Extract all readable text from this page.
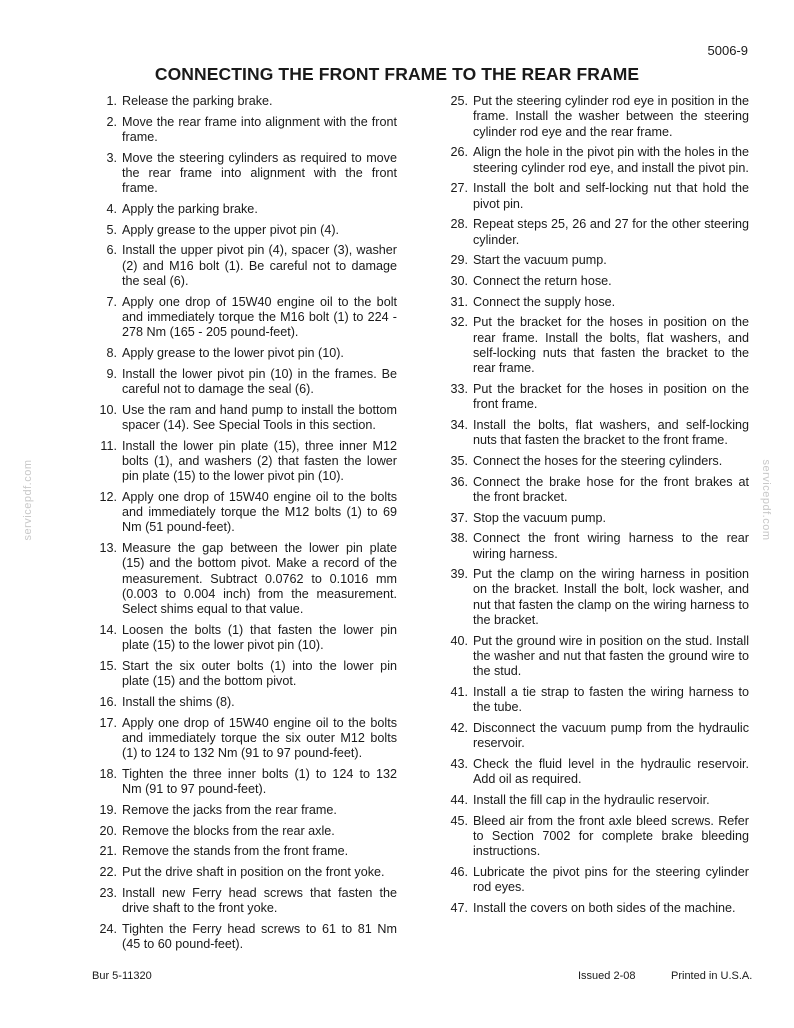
5006-9
CONNECTING THE FRONT FRAME TO THE REAR FRAME
1. Release the parking brake.
2. Move the rear frame into alignment with the front frame.
3. Move the steering cylinders as required to move the rear frame into alignment with the front frame.
4. Apply the parking brake.
5. Apply grease to the upper pivot pin (4).
6. Install the upper pivot pin (4), spacer (3), washer (2) and M16 bolt (1). Be careful not to damage the seal (6).
7. Apply one drop of 15W40 engine oil to the bolt and immediately torque the M16 bolt (1) to 224 - 278 Nm (165 - 205 pound-feet).
8. Apply grease to the lower pivot pin (10).
9. Install the lower pivot pin (10) in the frames. Be careful not to damage the seal (6).
10. Use the ram and hand pump to install the bottom spacer (14). See Special Tools in this section.
11. Install the lower pin plate (15), three inner M12 bolts (1), and washers (2) that fasten the lower pin plate (15) to the lower pivot pin (10).
12. Apply one drop of 15W40 engine oil to the bolts and immediately torque the M12 bolts (1) to 69 Nm (51 pound-feet).
13. Measure the gap between the lower pin plate (15) and the bottom pivot. Make a record of the measurement. Subtract 0.0762 to 0.1016 mm (0.003 to 0.004 inch) from the measurement. Select shims equal to that value.
14. Loosen the bolts (1) that fasten the lower pin plate (15) to the lower pivot pin (10).
15. Start the six outer bolts (1) into the lower pin plate (15) and the bottom pivot.
16. Install the shims (8).
17. Apply one drop of 15W40 engine oil to the bolts and immediately torque the six outer M12 bolts (1) to 124 to 132 Nm (91 to 97 pound-feet).
18. Tighten the three inner bolts (1) to 124 to 132 Nm (91 to 97 pound-feet).
19. Remove the jacks from the rear frame.
20. Remove the blocks from the rear axle.
21. Remove the stands from the front frame.
22. Put the drive shaft in position on the front yoke.
23. Install new Ferry head screws that fasten the drive shaft to the front yoke.
24. Tighten the Ferry head screws to 61 to 81 Nm (45 to 60 pound-feet).
25. Put the steering cylinder rod eye in position in the frame. Install the washer between the steering cylinder rod eye and the rear frame.
26. Align the hole in the pivot pin with the holes in the steering cylinder rod eye, and install the pivot pin.
27. Install the bolt and self-locking nut that hold the pivot pin.
28. Repeat steps 25, 26 and 27 for the other steering cylinder.
29. Start the vacuum pump.
30. Connect the return hose.
31. Connect the supply hose.
32. Put the bracket for the hoses in position on the rear frame. Install the bolts, flat washers, and self-locking nuts that fasten the bracket to the rear frame.
33. Put the bracket for the hoses in position on the front frame.
34. Install the bolts, flat washers, and self-locking nuts that fasten the bracket to the front frame.
35. Connect the hoses for the steering cylinders.
36. Connect the brake hose for the front brakes at the front bracket.
37. Stop the vacuum pump.
38. Connect the front wiring harness to the rear wiring harness.
39. Put the clamp on the wiring harness in position on the bracket. Install the bolt, lock washer, and nut that fasten the clamp on the wiring harness to the bracket.
40. Put the ground wire in position on the stud. Install the washer and nut that fasten the ground wire to the stud.
41. Install a tie strap to fasten the wiring harness to the tube.
42. Disconnect the vacuum pump from the hydraulic reservoir.
43. Check the fluid level in the hydraulic reservoir. Add oil as required.
44. Install the fill cap in the hydraulic reservoir.
45. Bleed air from the front axle bleed screws. Refer to Section 7002 for complete brake bleeding instructions.
46. Lubricate the pivot pins for the steering cylinder rod eyes.
47. Install the covers on both sides of the machine.
servicepdf.com	servicepdf.com
Bur 5-11320	Issued 2-08	Printed in U.S.A.
